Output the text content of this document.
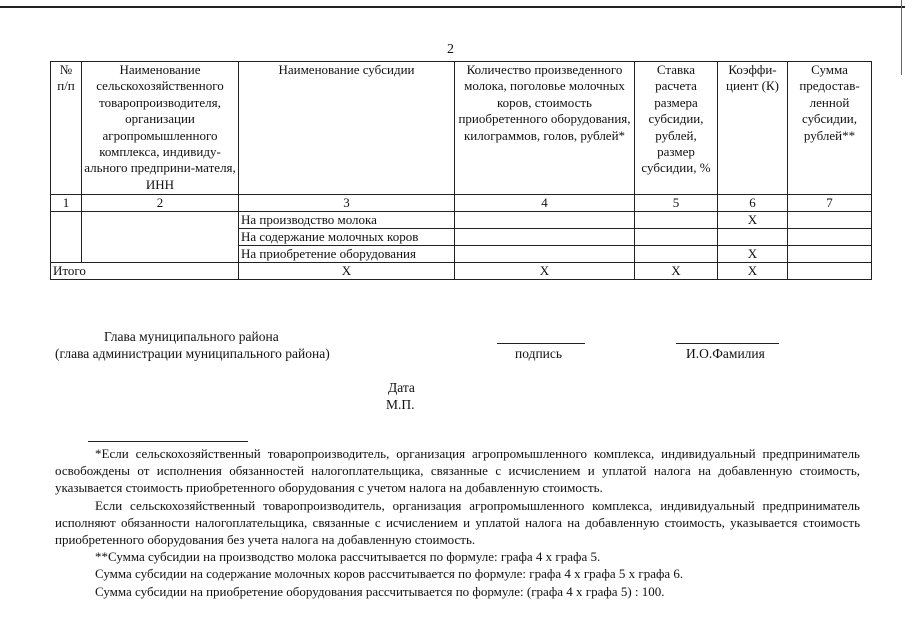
2
№ п/п	Наименование сельскохозяйственного товаропроизводителя, организации агропромышленного комплекса, индивиду-ального предприни-мателя, ИНН	Наименование субсидии	Количество произведенного молока, поголовье молочных коров, стоимость приобретенного оборудования, килограммов, голов, рублей*	Ставка расчета размера субсидии, рублей, размер субсидии, %	Коэффи-циент (К)	Сумма предостав-ленной субсидии, рублей**
1	2	3	4	5	6	7
		На производство молока			Х	
		На содержание молочных коров				
		На приобретение оборудования			Х	
Итого		Х	Х	Х	Х	
Глава муниципального района
(глава администрации муниципального района)	подпись	И.О.Фамилия
Дата
М.П.

*Если сельскохозяйственный товаропроизводитель, организация агропромышленного комплекса, индивидуальный предприниматель освобождены от исполнения обязанностей налогоплательщика, связанные с исчислением и уплатой налога на добавленную стоимость, указывается стоимость приобретенного оборудования с учетом налога на добавленную стоимость.

Если сельскохозяйственный товаропроизводитель, организация агропромышленного комплекса, индивидуальный предприниматель исполняют обязанности налогоплательщика, связанные с исчислением и уплатой налога на добавленную стоимость, указывается стоимость приобретенного оборудования без учета налога на добавленную стоимость.

**Сумма субсидии на производство молока рассчитывается по формуле: графа 4 х графа 5.

Сумма субсидии на содержание молочных коров рассчитывается по формуле: графа 4 х графа 5 х графа 6.

Сумма субсидии на приобретение оборудования рассчитывается по формуле: (графа 4 х графа 5) : 100.
